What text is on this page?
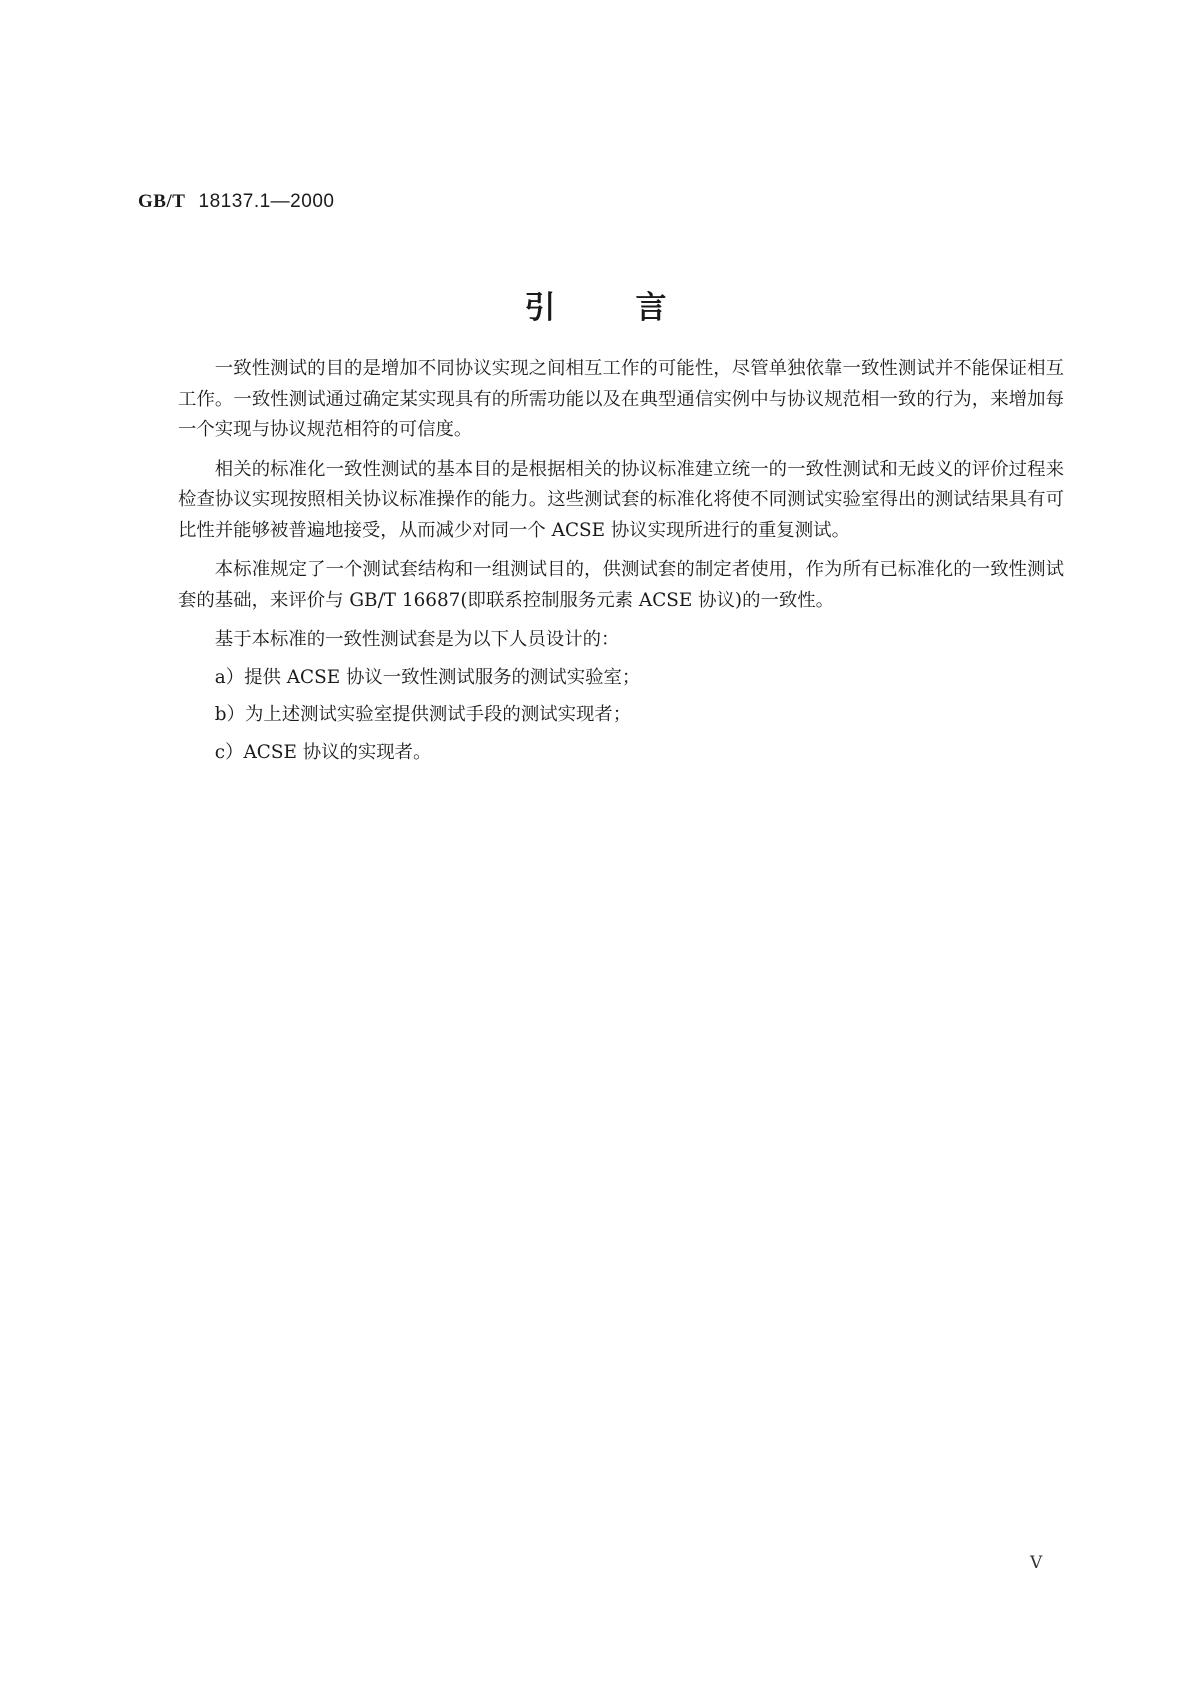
GB/T 18137.1—2000
引言

一致性测试的目的是增加不同协议实现之间相互工作的可能性，尽管单独依靠一致性测试并不能保证相互工作。一致性测试通过确定某实现具有的所需功能以及在典型通信实例中与协议规范相一致的行为，来增加每一个实现与协议规范相符的可信度。

相关的标准化一致性测试的基本目的是根据相关的协议标准建立统一的一致性测试和无歧义的评价过程来检查协议实现按照相关协议标准操作的能力。这些测试套的标准化将使不同测试实验室得出的测试结果具有可比性并能够被普遍地接受，从而减少对同一个 ACSE 协议实现所进行的重复测试。

本标准规定了一个测试套结构和一组测试目的，供测试套的制定者使用，作为所有已标准化的一致性测试套的基础，来评价与 GB/T 16687(即联系控制服务元素 ACSE 协议)的一致性。

基于本标准的一致性测试套是为以下人员设计的：

a）提供 ACSE 协议一致性测试服务的测试实验室；

b）为上述测试实验室提供测试手段的测试实现者；

c）ACSE 协议的实现者。

V
